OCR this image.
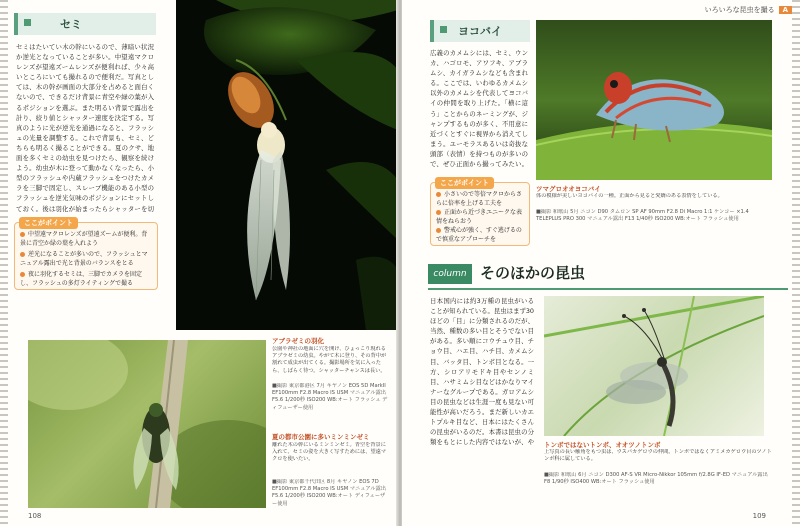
セミ
セミはたいてい木の幹にいるので、薄暗い状況か逆光となっていることが多い。中望遠マクロレンズが望遠ズームレンズが便利れば、少々高いところにいても撮れるので便利だ。写真としては、木の幹が画面の大部分を占めると面白くないので、できるだけ背景に青空や緑の葉が入るポジションを選ぶ。また明るい背景で露出を計り、絞り値とシャッター速度を決定する。写真のように光が逆光を通過になると、フラッシュの光量を調整する。これで背景も、セミ、どちらも明るく撮ることができる。夏のクサ、地面を多くセミの幼虫を見つけたら、観察を続けよう。幼虫が木に登って動かなくなったら、小型のフラッシュや内蔵フラッシュをつけたカメラを三脚で固定し、スレーブ機能のある小型のフラッシュを逆光気味のポジションにセットしておく。後は羽化が始まったらシャッターを切
ここがポイント
中望遠マクロレンズが望遠ズームが便利。背景に青空か緑の葉を入れよう
逆光になることが多いので、フラッシュとマニュアル露出で光と背景のバランスをとる
夜に羽化するセミは、三脚でカメラを固定し、フラッシュの多灯ライティングで撮る
アブラゼミの羽化
公園や神社の地面に穴を開け、ひょっこり現れるアブラゼミの幼虫。やがて木に登り、その背中が割れて成虫が出てくる。撮影場所を気に入ったら、しばらく待つ。シャッターチャンスは長い。
■撮影 東京都港区 7月 キヤノン EOS 5D MarkII EF100mm F2.8 Macro IS USM マニュアル露出 F5.6 1/200秒 ISO200 WB:オート フラッシュ ディフューザー使用
夏の都市公園に多いミンミンゼミ
離れた木の幹にいるミンミンゼミ。青空を背景に入れて、セミの姿を大きく写すためには、望遠マクロを使いたい。
■撮影 東京都千代田区 8月 キヤノン EOS 7D EF100mm F2.8 Macro IS USM マニュアル露出 F5.6 1/200秒 ISO200 WB:オート ディフューザー使用
108
いろいろな昆虫を撮る A
ヨコバイ
広義のカメムシには、セミ、ウンカ、ハゴロモ、アワフキ、アブラムシ、カイガラムシなども含まれる。ここでは、いわゆるカメムシ以外のカメムシを代表してヨコバイの仲間を取り上げた。「横に這う」ことからのネーミングが、ジャンプするものが多く、不用意に近づくとすぐに視界から消えてしまう。ユーモラスあるいは奇抜な頭部（表情）を持つものが多いので、ぜひ正面から撮ってみたい。
ここがポイント
小さいので等倍マクロからさらに倍率を上げる工夫を
正面から近づきユニークな表情をねらおう
警戒心が強く、すぐ逃げるので慎重なアプローチを
ツマグロオオヨコバイ
体の模様が美しいヨコバイの一種。正面から見ると愛嬌のある表情をしている。
■撮影 和歌山 5月 ニコン D90 タムロン SP AF 90mm F2.8 Di Macro 1:1 ケンコー ×1.4 TELEPLUS PRO 300 マニュアル露出 F13 1/40秒 ISO200 WB:オート フラッシュ使用
column そのほかの昆虫
日本国内には約3万種の昆虫がいることが知られている。昆虫はまず30ほどの「目」に分類されるのだが、当然、種数の多い目とそうでない目がある。多い順にコウチュウ目、チョウ目、ハエ目、ハチ目、カメムシ目、バッタ目、トンボ目となる。一方、シロアリモドキ目やセンノミ目、ハサミムシ目などはかなりマイナーなグループである。ガロアムシ目の昆虫などは生涯一度も見ない可能性が高いだろう。まだ新しいカエトプルキ目など、日本にはたくさんの昆虫がいるのだ。本書は昆虫の分類をもとにした内容ではないが、や トンボではないトンボ、オオツノトンボ
上写真の長い触角をもつ虫は、ウスバカゲロウの仲間。トンボではなくアミメカゲロウ目のツノトンボ科に属している。
■撮影 和歌山 6月 ニコン D300 AF-S VR Micro-Nikkor 105mm f/2.8G IF-ED マニュアル露出 F8 1/90秒 ISO400 WB:オート フラッシュ使用
109
